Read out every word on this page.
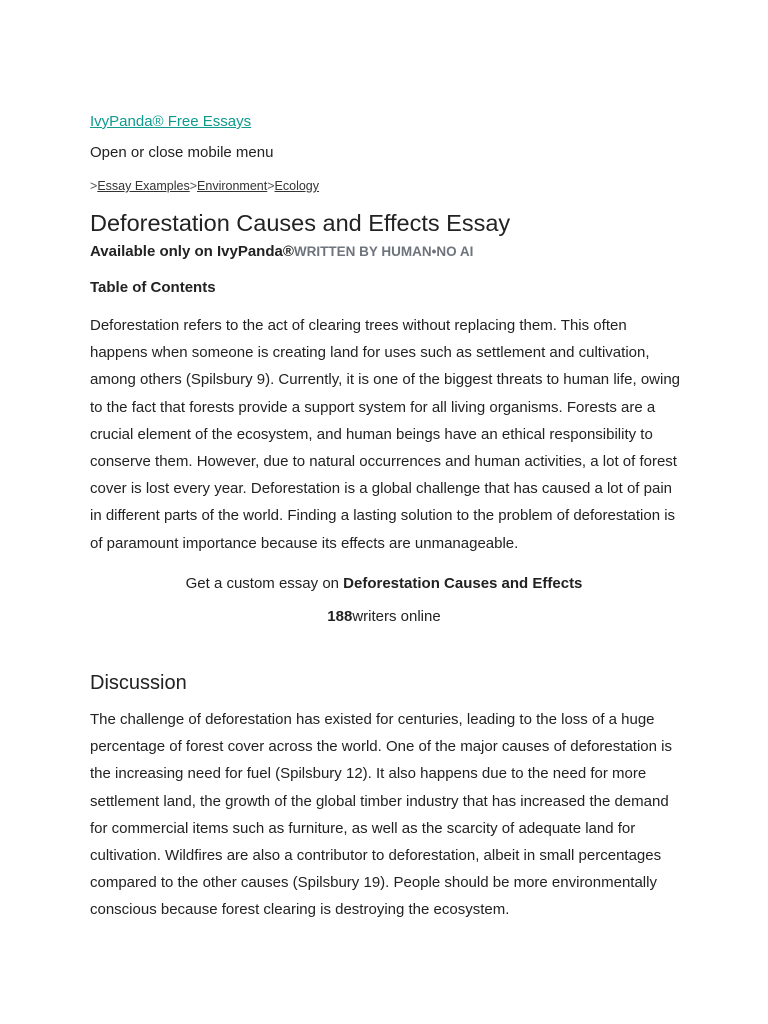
IvyPanda® Free Essays
Open or close mobile menu
>Essay Examples>Environment>Ecology
Deforestation Causes and Effects Essay
Available only on IvyPanda®WRITTEN BY HUMAN•NO AI
Table of Contents

Deforestation refers to the act of clearing trees without replacing them. This often happens when someone is creating land for uses such as settlement and cultivation, among others (Spilsbury 9). Currently, it is one of the biggest threats to human life, owing to the fact that forests provide a support system for all living organisms. Forests are a crucial element of the ecosystem, and human beings have an ethical responsibility to conserve them. However, due to natural occurrences and human activities, a lot of forest cover is lost every year. Deforestation is a global challenge that has caused a lot of pain in different parts of the world. Finding a lasting solution to the problem of deforestation is of paramount importance because its effects are unmanageable.

Get a custom essay on Deforestation Causes and Effects
188writers online
Discussion

The challenge of deforestation has existed for centuries, leading to the loss of a huge percentage of forest cover across the world. One of the major causes of deforestation is the increasing need for fuel (Spilsbury 12). It also happens due to the need for more settlement land, the growth of the global timber industry that has increased the demand for commercial items such as furniture, as well as the scarcity of adequate land for cultivation. Wildfires are also a contributor to deforestation, albeit in small percentages compared to the other causes (Spilsbury 19). People should be more environmentally conscious because forest clearing is destroying the ecosystem.
